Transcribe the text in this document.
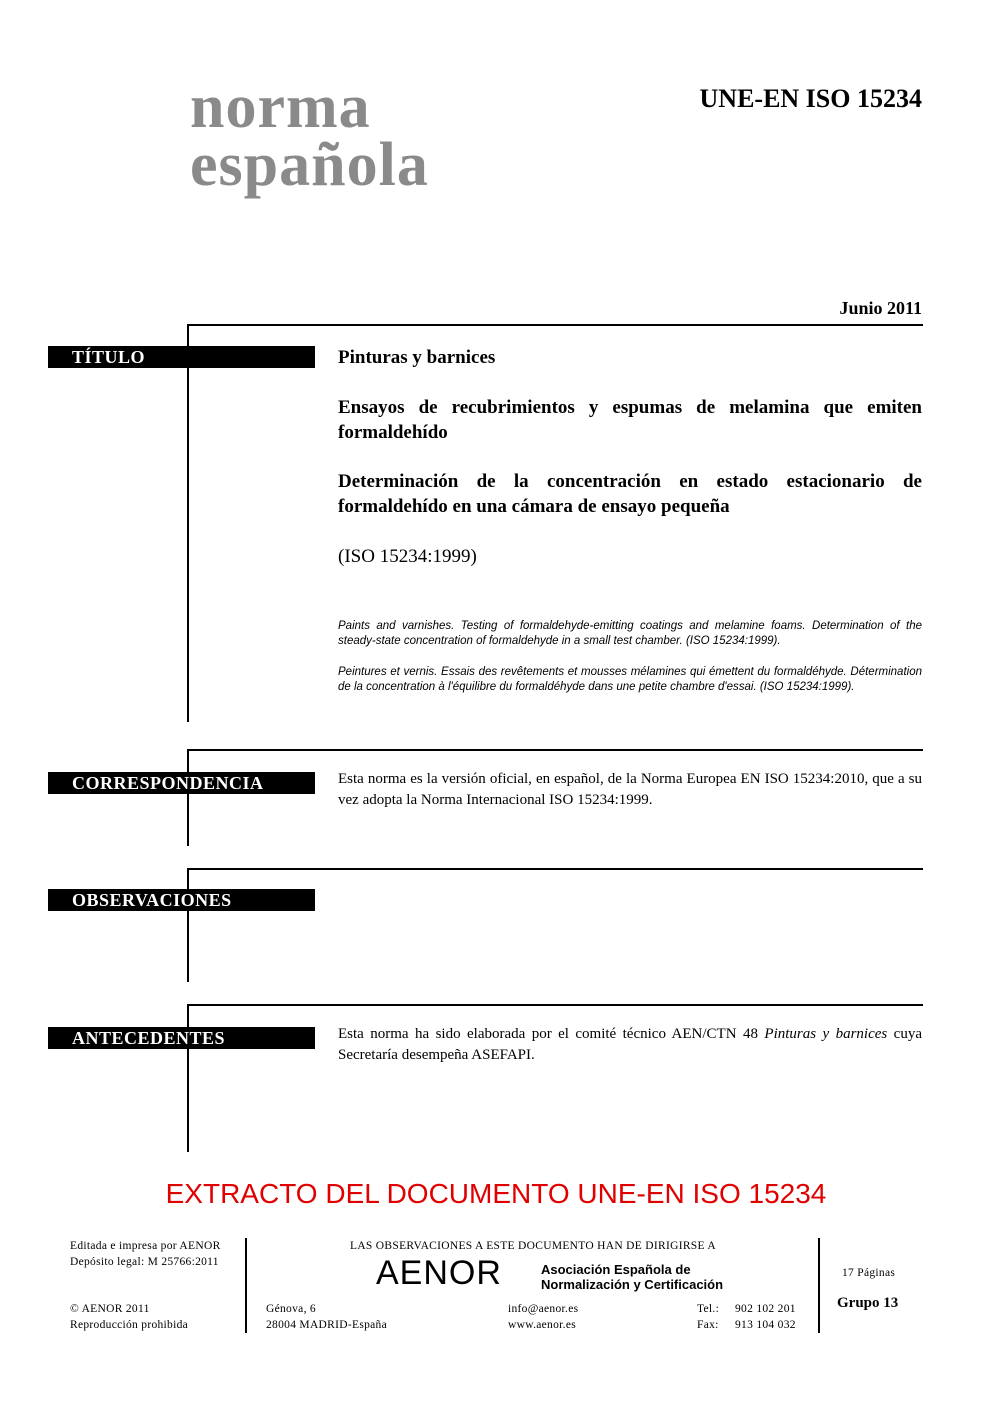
norma
española
UNE-EN ISO 15234
Junio 2011
TÍTULO	Pinturas y barnices
Ensayos de recubrimientos y espumas de melamina que emiten formaldehído
Determinación de la concentración en estado estacionario de formaldehído en una cámara de ensayo pequeña
(ISO 15234:1999)
Paints and varnishes. Testing of formaldehyde-emitting coatings and melamine foams. Determination of the steady-state concentration of formaldehyde in a small test chamber. (ISO 15234:1999).
Peintures et vernis. Essais des revêtements et mousses mélamines qui émettent du formaldéhyde. Détermination de la concentration à l'équilibre du formaldéhyde dans une petite chambre d'essai. (ISO 15234:1999).
CORRESPONDENCIA	Esta norma es la versión oficial, en español, de la Norma Europea EN ISO 15234:2010, que a su vez adopta la Norma Internacional ISO 15234:1999.
OBSERVACIONES
ANTECEDENTES	Esta norma ha sido elaborada por el comité técnico AEN/CTN 48 Pinturas y barnices cuya Secretaría desempeña ASEFAPI.
EXTRACTO DEL DOCUMENTO UNE-EN ISO 15234
Editada e impresa por AENOR
Depósito legal: M 25766:2011
© AENOR 2011
Reproducción prohibida
LAS OBSERVACIONES A ESTE DOCUMENTO HAN DE DIRIGIRSE A
AENOR	Asociación Española de
Normalización y Certificación
Génova, 6
28004 MADRID-España
info@aenor.es
www.aenor.es
Tel.:
Fax:
902 102 201
913 104 032
17 Páginas
Grupo 13
